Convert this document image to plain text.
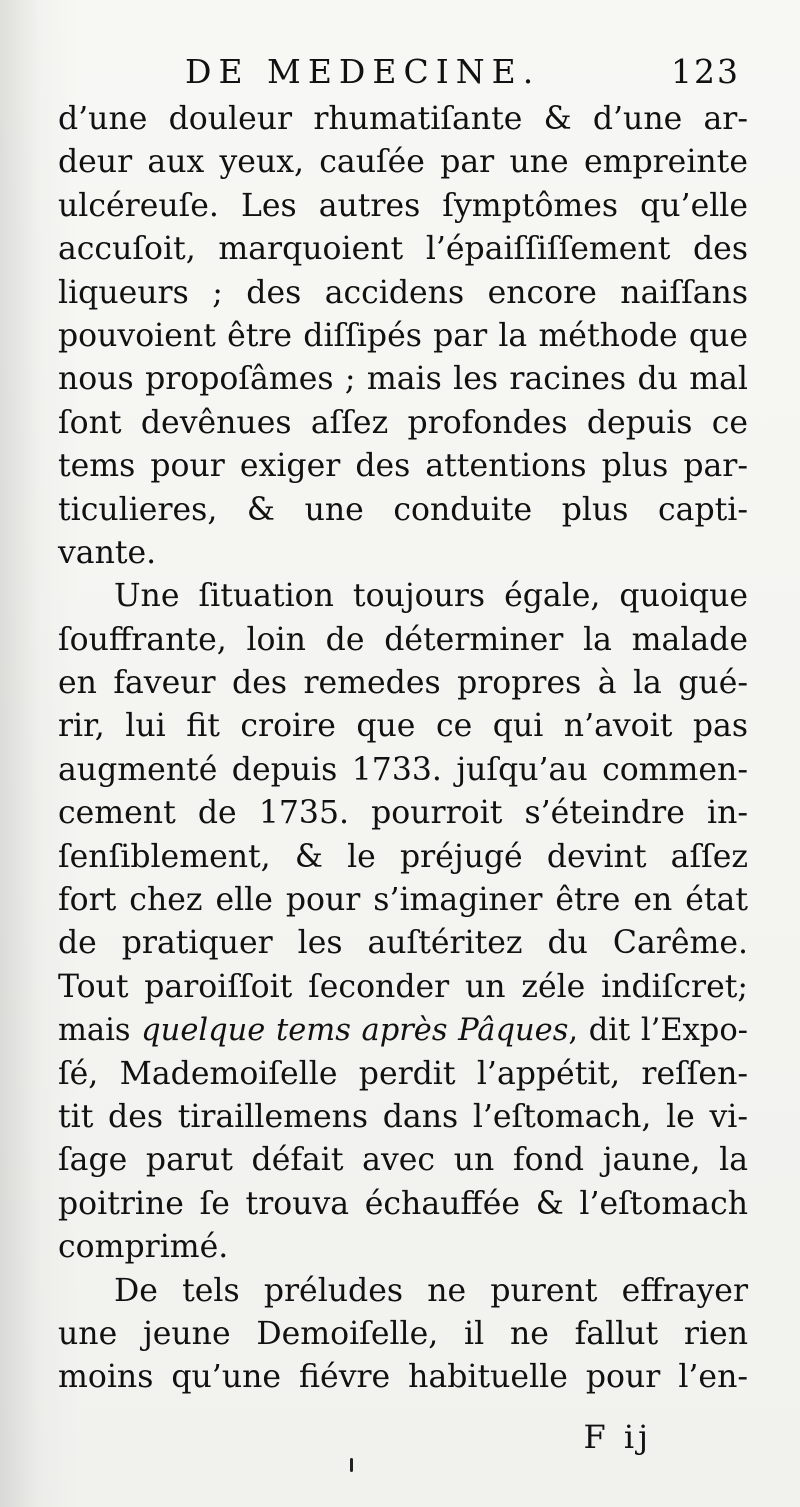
DE MEDECINE.	123
d’une douleur rhumatiſante & d’une ar-
deur aux yeux, cauſée par une empreinte
ulcéreuſe. Les autres ſymptômes qu’elle
accuſoit, marquoient l’épaiſſiſſement des
liqueurs ; des accidens encore naiſſans
pouvoient être diſſipés par la méthode que
nous propoſâmes ; mais les racines du mal
ſont devênues aſſez profondes depuis ce
tems pour exiger des attentions plus par-
ticulieres, & une conduite plus capti-
vante.
Une ſituation toujours égale, quoique
ſouffrante, loin de déterminer la malade
en faveur des remedes propres à la gué-
rir, lui fit croire que ce qui n’avoit pas
augmenté depuis 1733. juſqu’au commen-
cement de 1735. pourroit s’éteindre in-
ſenſiblement, & le préjugé devint aſſez
fort chez elle pour s’imaginer être en état
de pratiquer les auſtéritez du Carême.
Tout paroiſſoit ſeconder un zéle indiſcret;
mais quelque tems après Pâques, dit l’Expo-
ſé, Mademoiſelle perdit l’appétit, reſſen-
tit des tiraillemens dans l’eſtomach, le vi-
ſage parut défait avec un fond jaune, la
poitrine ſe trouva échauffée & l’eſtomach
comprimé.
De tels préludes ne purent effrayer
une jeune Demoiſelle, il ne fallut rien
moins qu’une fiévre habituelle pour l’en-
F ij
